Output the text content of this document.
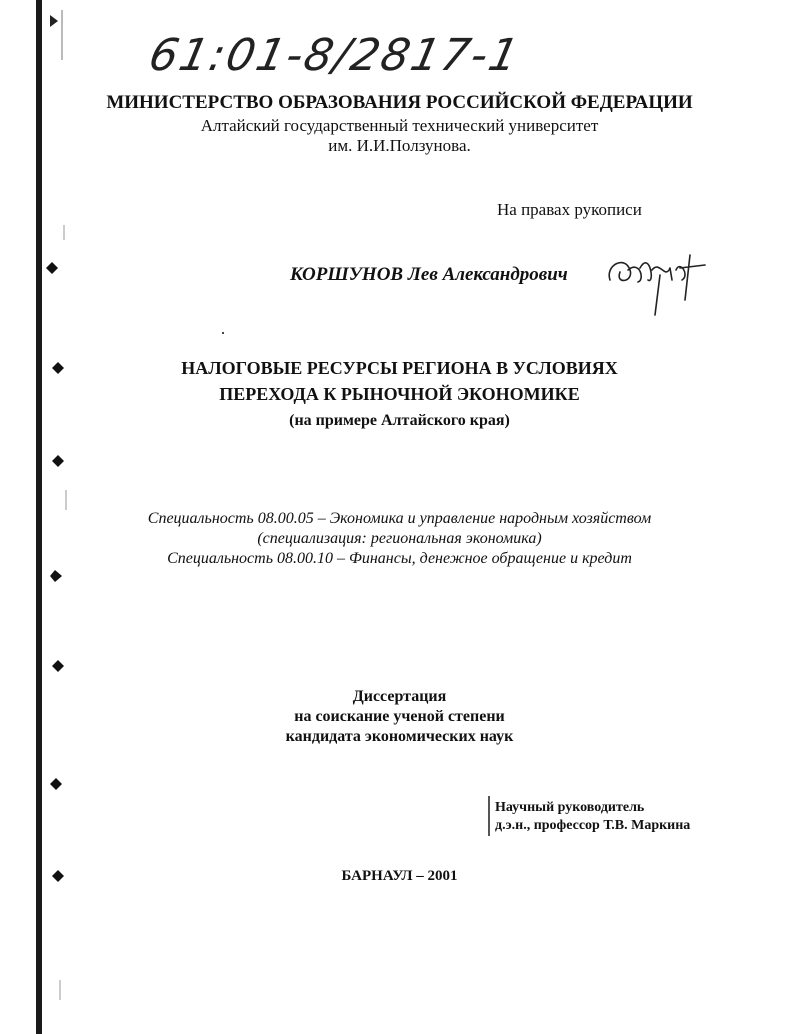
61:01-8/2817-1
МИНИСТЕРСТВО ОБРАЗОВАНИЯ РОССИЙСКОЙ ФЕДЕРАЦИИ
Алтайский государственный технический университет
им. И.И.Ползунова.
На правах рукописи
КОРШУНОВ Лев Александрович
НАЛОГОВЫЕ РЕСУРСЫ РЕГИОНА В УСЛОВИЯХ
ПЕРЕХОДА К РЫНОЧНОЙ ЭКОНОМИКЕ
(на примере Алтайского края)
Специальность 08.00.05 – Экономика и управление народным хозяйством
(специализация: региональная экономика)
Специальность 08.00.10 – Финансы, денежное обращение и кредит
Диссертация
на соискание ученой степени
кандидата экономических наук
Научный руководитель
д.э.н., профессор Т.В. Маркина
БАРНАУЛ – 2001
